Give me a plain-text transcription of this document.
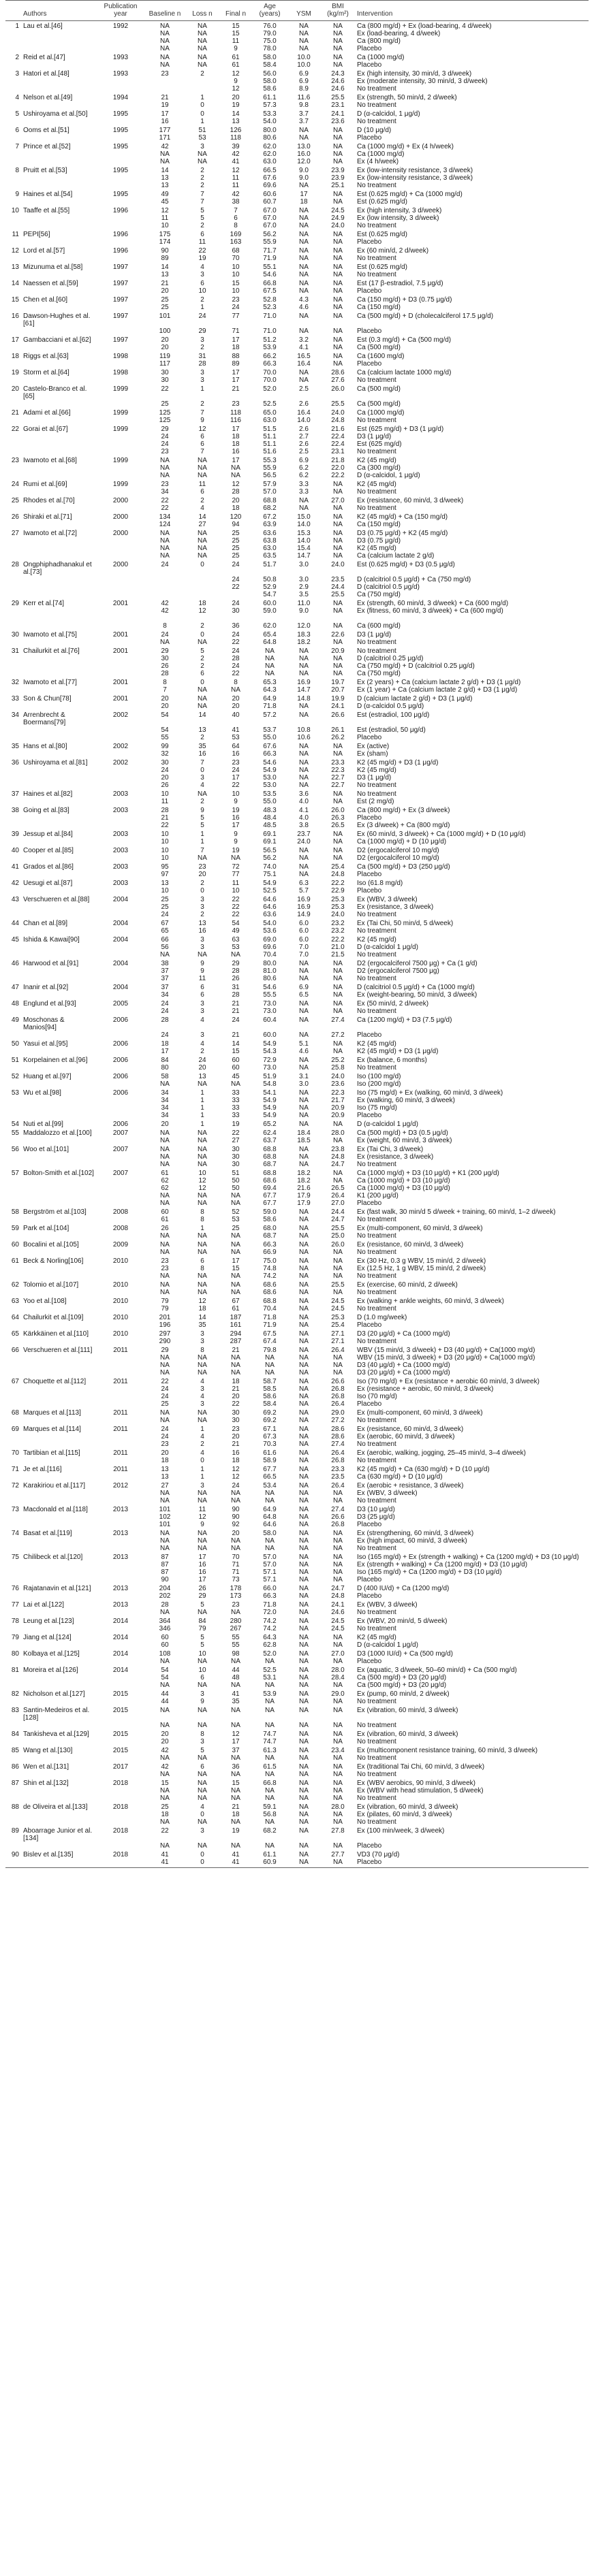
	Authors	Publication year	Baseline n	Loss n	Final n	Age (years)	YSM	BMI (kg/m²)	Intervention
1	Lau et al.[46]	1992	NA	NA	15	76.0	NA	NA	Ca (800 mg/d) + Ex (load-bearing, 4 d/week)
			NA	NA	15	79.0	NA	NA	Ex (load-bearing, 4 d/week)
			NA	NA	11	75.0	NA	NA	Ca (800 mg/d)
			NA	NA	9	78.0	NA	NA	Placebo
2	Reid et al.[47]	1993	NA	NA	61	58.0	10.0	NA	Ca (1000 mg/d)
			NA	NA	61	58.4	10.0	NA	Placebo
3	Hatori et al.[48]	1993	23	2	12	56.0	6.9	24.3	Ex (high intensity, 30 min/d, 3 d/week)
					9	58.0	6.9	24.6	Ex (moderate intensity, 30 min/d, 3 d/week)
					12	58.6	8.9	24.6	No treatment
4	Nelson et al.[49]	1994	21	1	20	61.1	11.6	25.5	Ex (strength, 50 min/d, 2 d/week)
			19	0	19	57.3	9.8	23.1	No treatment
5	Ushiroyama et al.[50]	1995	17	0	14	53.3	3.7	24.1	D (α-calcidol, 1 μg/d)
			16	1	13	54.0	3.7	23.6	No treatment
6	Ooms et al.[51]	1995	177	51	126	80.0	NA	NA	D (10 μg/d)
			171	53	118	80.6	NA	NA	Placebo
7	Prince et al.[52]	1995	42	3	39	62.0	13.0	NA	Ca (1000 mg/d) + Ex (4 h/week)
			NA	NA	42	62.0	16.0	NA	Ca (1000 mg/d)
			NA	NA	41	63.0	12.0	NA	Ex (4 h/week)
8	Pruitt et al.[53]	1995	14	2	12	66.5	9.0	23.9	Ex (low-intensity resistance, 3 d/week)
			13	2	11	67.6	9.0	23.9	Ex (low-intensity resistance, 3 d/week)
			13	2	11	69.6	NA	25.1	No treatment
9	Haines et al.[54]	1995	49	7	42	60.6	17	NA	Est (0.625 mg/d) + Ca (1000 mg/d)
			45	7	38	60.7	18	NA	Est (0.625 mg/d)
10	Taaffe et al.[55]	1996	12	5	7	67.0	NA	24.5	Ex (high intensity, 3 d/week)
			11	5	6	67.0	NA	24.9	Ex (low intensity, 3 d/week)
			10	2	8	67.0	NA	24.0	No treatment
11	PEPI[56]	1996	175	6	169	56.2	NA	NA	Est (0.625 mg/d)
			174	11	163	55.9	NA	NA	Placebo
12	Lord et al.[57]	1996	90	22	68	71.7	NA	NA	Ex (60 min/d, 2 d/week)
			89	19	70	71.9	NA	NA	No treatment
13	Mizunuma et al.[58]	1997	14	4	10	55.1	NA	NA	Est (0.625 mg/d)
			13	3	10	54.6	NA	NA	No treatment
14	Naessen et al.[59]	1997	21	6	15	66.8	NA	NA	Est (17 β-estradiol, 7.5 μg/d)
			20	10	10	67.5	NA	NA	Placebo
15	Chen et al.[60]	1997	25	2	23	52.8	4.3	NA	Ca (150 mg/d) + D3 (0.75 μg/d)
			25	1	24	52.3	4.6	NA	Ca (150 mg/d)
16	Dawson-Hughes et al.[61]	1997	101	24	77	71.0	NA	NA	Ca (500 mg/d) + D (cholecalciferol 17.5 μg/d)
			100	29	71	71.0	NA	NA	Placebo
17	Gambacciani et al.[62]	1997	20	3	17	51.2	3.2	NA	Est (0.3 mg/d) + Ca (500 mg/d)
			20	2	18	53.9	4.1	NA	Ca (500 mg/d)
18	Riggs et al.[63]	1998	119	31	88	66.2	16.5	NA	Ca (1600 mg/d)
			117	28	89	66.3	16.4	NA	Placebo
19	Storm et al.[64]	1998	30	3	17	70.0	NA	28.6	Ca (calcium lactate 1000 mg/d)
			30	3	17	70.0	NA	27.6	No treatment
20	Castelo-Branco et al.[65]	1999	22	1	21	52.0	2.5	26.0	Ca (500 mg/d)
			25	2	23	52.5	2.6	25.5	Ca (500 mg/d)
21	Adami et al.[66]	1999	125	7	118	65.0	16.4	24.0	Ca (1000 mg/d)
			125	9	116	63.0	14.0	24.8	No treatment
22	Gorai et al.[67]	1999	29	12	17	51.5	2.6	21.6	Est (625 mg/d) + D3 (1 μg/d)
			24	6	18	51.1	2.7	22.4	D3 (1 μg/d)
			24	6	18	51.1	2.6	22.4	Est (625 mg/d)
			23	7	16	51.6	2.5	23.1	No treatment
23	Iwamoto et al.[68]	1999	NA	NA	17	55.3	6.9	21.8	K2 (45 mg/d)
			NA	NA	NA	55.9	6.2	22.0	Ca (300 mg/d)
			NA	NA	NA	56.5	6.2	22.2	D (α-calcidol, 1 μg/d)
24	Rumi et al.[69]	1999	23	11	12	57.9	3.3	NA	K2 (45 mg/d)
			34	6	28	57.0	3.3	NA	No treatment
25	Rhodes et al.[70]	2000	22	2	20	68.8	NA	27.0	Ex (resistance, 60 min/d, 3 d/week)
			22	4	18	68.2	NA	NA	No treatment
26	Shiraki et al.[71]	2000	134	14	120	67.2	15.0	NA	K2 (45 mg/d) + Ca (150 mg/d)
			124	27	94	63.9	14.0	NA	Ca (150 mg/d)
27	Iwamoto et al.[72]	2000	NA	NA	25	63.6	15.3	NA	D3 (0.75 μg/d) + K2 (45 mg/d)
			NA	NA	25	63.8	14.0	NA	D3 (0.75 μg/d)
			NA	NA	25	63.0	15.4	NA	K2 (45 mg/d)
			NA	NA	25	63.5	14.7	NA	Ca (calcium lactate 2 g/d)
28	Ongphiphadhanakul et al.[73]	2000	24	0	24	51.7	3.0	24.0	Est (0.625 mg/d) + D3 (0.5 μg/d)
					24	50.8	3.0	23.5	D (calcitriol 0.5 μg/d) + Ca (750 mg/d)
					22	52.9	2.9	24.4	D (calcitriol 0.5 μg/d)
						54.7	3.5	25.5	Ca (750 mg/d)
29	Kerr et al.[74]	2001	42	18	24	60.0	11.0	NA	Ex (strength, 60 min/d, 3 d/week) + Ca (600 mg/d)
			42	12	30	59.0	9.0	NA	Ex (fitness, 60 min/d, 3 d/week) + Ca (600 mg/d)

			8	2	36	62.0	12.0	NA	Ca (600 mg/d)
30	Iwamoto et al.[75]	2001	24	0	24	65.4	18.3	22.6	D3 (1 μg/d)
			NA	NA	22	64.8	18.2	NA	No treatment
31	Chailurkit et al.[76]	2001	29	5	24	NA	NA	20.9	No treatment
			30	2	28	NA	NA	NA	D (calcitriol 0.25 μg/d)
			26	2	24	NA	NA	NA	Ca (750 mg/d) + D (calcitriol 0.25 μg/d)
			28	6	22	NA	NA	NA	Ca (750 mg/d)
32	Iwamoto et al.[77]	2001	8	0	8	65.3	16.9	19.7	Ex (2 years) + Ca (calcium lactate 2 g/d) + D3 (1 μg/d)
			7	NA	NA	64.3	14.7	20.7	Ex (1 year) + Ca (calcium lactate 2 g/d) + D3 (1 μg/d)
33	Son & Chun[78]	2001	20	NA	20	64.9	14.8	19.9	D (calcium lactate 2 g/d) + D3 (1 μg/d)
			20	NA	20	71.8	NA	24.1	D (α-calcidol 0.5 μg/d)
34	Arrenbrecht & Boermans[79]	2002	54	14	40	57.2	NA	26.6	Est (estradiol, 100 μg/d)
			54	13	41	53.7	10.8	26.1	Est (estradiol, 50 μg/d)
			55	2	53	55.0	10.6	26.2	Placebo
35	Hans et al.[80]	2002	99	35	64	67.6	NA	NA	Ex (active)
			32	16	16	66.3	NA	NA	Ex (sham)
36	Ushiroyama et al.[81]	2002	30	7	23	54.6	NA	23.3	K2 (45 mg/d) + D3 (1 μg/d)
			24	0	24	54.9	NA	22.3	K2 (45 mg/d)
			20	3	17	53.0	NA	22.7	D3 (1 μg/d)
			26	4	22	53.0	NA	22.7	No treatment
37	Haines et al.[82]	2003	10	NA	10	53.5	3.6	NA	No treatment
			11	2	9	55.0	4.0	NA	Est (2 mg/d)
38	Going et al.[83]	2003	28	9	19	48.3	4.1	26.0	Ca (800 mg/d) + Ex (3 d/week)
			21	5	16	48.4	4.0	26.3	Placebo
			22	5	17	48.5	3.8	26.5	Ex (3 d/week) + Ca (800 mg/d)
39	Jessup et al.[84]	2003	10	1	9	69.1	23.7	NA	Ex (60 min/d, 3 d/week) + Ca (1000 mg/d) + D (10 μg/d)
			10	1	9	69.1	24.0	NA	Ca (1000 mg/d) + D (10 μg/d)
40	Cooper et al.[85]	2003	10	7	19	56.5	NA	NA	D2 (ergocalciferol 10 mg/d)
			10	NA	NA	56.2	NA	NA	D2 (ergocalciferol 10 mg/d)
41	Grados et al.[86]	2003	95	23	72	74.0	NA	25.4	Ca (500 mg/d) + D3 (250 μg/d)
			97	20	77	75.1	NA	24.8	Placebo
42	Uesugi et al.[87]	2003	13	2	11	54.9	6.3	22.2	Iso (61.8 mg/d)
			10	0	10	52.5	5.7	22.9	Placebo
43	Verschueren et al.[88]	2004	25	3	22	64.6	16.9	25.3	Ex (WBV, 3 d/week)
			25	3	22	64.6	16.9	25.3	Ex (resistance, 3 d/week)
			24	2	22	63.6	14.9	24.0	No treatment
44	Chan et al.[89]	2004	67	13	54	54.0	6.0	23.2	Ex (Tai Chi, 50 min/d, 5 d/week)
			65	16	49	53.6	6.0	23.2	No treatment
45	Ishida & Kawai[90]	2004	66	3	63	69.0	6.0	22.2	K2 (45 mg/d)
			56	3	53	69.6	7.0	21.0	D (α-calcidol 1 μg/d)
			NA	NA	NA	70.4	7.0	21.5	No treatment
46	Harwood et al.[91]	2004	38	9	29	80.0	NA	NA	D2 (ergocalciferol 7500 μg) + Ca (1 g/d)
			37	9	28	81.0	NA	NA	D2 (ergocalciferol 7500 μg)
			37	11	26	80.6	NA	NA	No treatment
47	Inanir et al.[92]	2004	37	6	31	54.6	6.9	NA	D (calcitriol 0.5 μg/d) + Ca (1000 mg/d)
			34	6	28	55.5	6.5	NA	Ex (weight-bearing, 50 min/d, 3 d/week)
48	Englund et al.[93]	2005	24	3	21	73.0	NA	NA	Ex (50 min/d, 2 d/week)
			24	3	21	73.0	NA	NA	No treatment
49	Moschonas & Manios[94]	2006	28	4	24	60.4	NA	27.4	Ca (1200 mg/d) + D3 (7.5 μg/d)
			24	3	21	60.0	NA	27.2	Placebo
50	Yasui et al.[95]	2006	18	4	14	54.9	5.1	NA	K2 (45 mg/d)
			17	2	15	54.3	4.6	NA	K2 (45 mg/d) + D3 (1 μg/d)
51	Korpelainen et al.[96]	2006	84	24	60	72.9	NA	25.2	Ex (balance, 6 months)
			80	20	60	73.0	NA	25.8	No treatment
52	Huang et al.[97]	2006	58	13	45	51.9	3.1	24.0	Iso (100 mg/d)
			NA	NA	NA	54.8	3.0	23.6	Iso (200 mg/d)
53	Wu et al.[98]	2006	34	1	33	54.1	NA	22.3	Iso (75 mg/d) + Ex (walking, 60 min/d, 3 d/week)
			34	1	33	54.9	NA	21.7	Ex (walking, 60 min/d, 3 d/week)
			34	1	33	54.9	NA	20.9	Iso (75 mg/d)
			34	1	33	54.9	NA	20.9	Placebo
54	Nuti et al.[99]	2006	20	1	19	65.2	NA	NA	D (α-calcidol 1 μg/d)
55	Maddalozzo et al.[100]	2007	NA	NA	22	62.4	18.4	28.0	Ca (500 mg/d) + D3 (0.5 μg/d)
			NA	NA	27	63.7	18.5	NA	Ex (weight, 60 min/d, 3 d/week)
56	Woo et al.[101]	2007	NA	NA	30	68.8	NA	23.8	Ex (Tai Chi, 3 d/week)
			NA	NA	30	68.8	NA	24.8	Ex (resistance, 3 d/week)
			NA	NA	30	68.7	NA	24.7	No treatment
57	Bolton-Smith et al.[102]	2007	61	10	51	68.8	18.2	NA	Ca (1000 mg/d) + D3 (10 μg/d) + K1 (200 μg/d)
			62	12	50	68.6	18.2	NA	Ca (1000 mg/d) + D3 (10 μg/d)
			62	12	50	69.4	21.6	26.5	Ca (1000 mg/d) + D3 (10 μg/d)
			NA	NA	NA	67.7	17.9	26.4	K1 (200 μg/d)
			NA	NA	NA	67.7	17.9	27.0	Placebo
58	Bergström et al.[103]	2008	60	8	52	59.0	NA	24.4	Ex (fast walk, 30 min/d 5 d/week + training, 60 min/d, 1–2 d/week)
			61	8	53	58.6	NA	24.7	No treatment
59	Park et al.[104]	2008	26	1	25	68.0	NA	25.5	Ex (multi-component, 60 min/d, 3 d/week)
			NA	NA	NA	68.7	NA	25.0	No treatment
60	Bocalini et al.[105]	2009	NA	NA	NA	66.3	NA	26.0	Ex (resistance, 60 min/d, 3 d/week)
			NA	NA	NA	66.9	NA	NA	No treatment
61	Beck & Norling[106]	2010	23	6	17	75.0	NA	NA	Ex (30 Hz, 0.3 g WBV, 15 min/d, 2 d/week)
			23	8	15	74.8	NA	NA	Ex (12.5 Hz, 1 g WBV, 15 min/d, 2 d/week)
			NA	NA	NA	74.2	NA	NA	No treatment
62	Tolomio et al.[107]	2010	NA	NA	NA	68.6	NA	25.5	Ex (exercise, 60 min/d, 2 d/week)
			NA	NA	NA	68.6	NA	NA	No treatment
63	Yoo et al.[108]	2010	79	12	67	68.8	NA	24.5	Ex (walking + ankle weights, 60 min/d, 3 d/week)
			79	18	61	70.4	NA	24.5	No treatment
64	Chailurkit et al.[109]	2010	201	14	187	71.8	NA	25.3	D (1.0 mg/week)
			196	35	161	71.9	NA	25.4	Placebo
65	Kärkkäinen et al.[110]	2010	297	3	294	67.5	NA	27.1	D3 (20 μg/d) + Ca (1000 mg/d)
			290	3	287	67.4	NA	27.1	No treatment
66	Verschueren et al.[111]	2011	29	8	21	79.8	NA	26.4	WBV (15 min/d, 3 d/week) + D3 (40 μg/d) + Ca(1000 mg/d)
			NA	NA	NA	NA	NA	NA	WBV (15 min/d, 3 d/week) + D3 (20 μg/d) + Ca(1000 mg/d)
			NA	NA	NA	NA	NA	NA	D3 (40 μg/d) + Ca (1000 mg/d)
			NA	NA	NA	NA	NA	NA	D3 (20 μg/d) + Ca (1000 mg/d)
67	Choquette et al.[112]	2011	22	4	18	58.7	NA	26.6	Iso (70 mg/d) + Ex (resistance + aerobic 60 min/d, 3 d/week)
			24	3	21	58.5	NA	26.8	Ex (resistance + aerobic, 60 min/d, 3 d/week)
			24	4	20	58.6	NA	26.8	Iso (70 mg/d)
			25	3	22	58.4	NA	26.4	Placebo
68	Marques et al.[113]	2011	NA	NA	30	69.2	NA	29.0	Ex (multi-component, 60 min/d, 3 d/week)
			NA	NA	30	69.2	NA	27.2	No treatment
69	Marques et al.[114]	2011	24	1	23	67.1	NA	28.6	Ex (resistance, 60 min/d, 3 d/week)
			24	4	20	67.3	NA	28.6	Ex (aerobic, 60 min/d, 3 d/week)
			23	2	21	70.3	NA	27.4	No treatment
70	Tartibian et al.[115]	2011	20	4	16	61.6	NA	26.4	Ex (aerobic, walking, jogging, 25–45 min/d, 3–4 d/week)
			18	0	18	58.9	NA	26.8	No treatment
71	Je et al.[116]	2011	13	1	12	67.7	NA	23.3	K2 (45 mg/d) + Ca (630 mg/d) + D (10 μg/d)
			13	1	12	66.5	NA	23.5	Ca (630 mg/d) + D (10 μg/d)
72	Karakiriou et al.[117]	2012	27	3	24	53.4	NA	26.4	Ex (aerobic + resistance, 3 d/week)
			NA	NA	NA	NA	NA	NA	Ex (WBV, 3 d/week)
			NA	NA	NA	NA	NA	NA	No treatment
73	Macdonald et al.[118]	2013	101	11	90	64.9	NA	27.4	D3 (10 μg/d)
			102	12	90	64.8	NA	26.6	D3 (25 μg/d)
			101	9	92	64.6	NA	26.8	Placebo
74	Basat et al.[119]	2013	NA	NA	20	58.0	NA	NA	Ex (strengthening, 60 min/d, 3 d/week)
			NA	NA	NA	NA	NA	NA	Ex (high impact, 60 min/d, 3 d/week)
			NA	NA	NA	NA	NA	NA	No treatment
75	Chilibeck et al.[120]	2013	87	17	70	57.0	NA	NA	Iso (165 mg/d) + Ex (strength + walking) + Ca (1200 mg/d) + D3 (10 μg/d)
			87	16	71	57.0	NA	NA	Ex (strength + walking) + Ca (1200 mg/d) + D3 (10 μg/d)
			87	16	71	57.1	NA	NA	Iso (165 mg/d) + Ca (1200 mg/d) + D3 (10 μg/d)
			90	17	73	57.1	NA	NA	Placebo
76	Rajatanavin et al.[121]	2013	204	26	178	66.0	NA	24.7	D (400 IU/d) + Ca (1200 mg/d)
			202	29	173	66.3	NA	24.8	Placebo
77	Lai et al.[122]	2013	28	5	23	71.8	NA	24.1	Ex (WBV, 3 d/week)
			NA	NA	NA	72.0	NA	24.6	No treatment
78	Leung et al.[123]	2014	364	84	280	74.2	NA	24.5	Ex (WBV, 20 min/d, 5 d/week)
			346	79	267	74.2	NA	24.5	No treatment
79	Jiang et al.[124]	2014	60	5	55	64.3	NA	NA	K2 (45 mg/d)
			60	5	55	62.8	NA	NA	D (α-calcidol 1 μg/d)
80	Kolbaya et al.[125]	2014	108	10	98	52.0	NA	27.0	D3 (1000 IU/d) + Ca (500 mg/d)
			NA	NA	NA	NA	NA	NA	Placebo
81	Moreira et al.[126]	2014	54	10	44	52.5	NA	28.0	Ex (aquatic, 3 d/week, 50–60 min/d) + Ca (500 mg/d)
			54	6	48	53.1	NA	28.4	Ca (500 mg/d) + D3 (20 μg/d)
			NA	NA	NA	NA	NA	NA	Ca (500 mg/d) + D3 (20 μg/d)
82	Nicholson et al.[127]	2015	44	3	41	53.9	NA	29.0	Ex (pump, 60 min/d, 2 d/week)
			44	9	35	NA	NA	NA	No treatment
83	Santin-Medeiros et al.[128]	2015	NA	NA	NA	NA	NA	NA	Ex (vibration, 60 min/d, 3 d/week)
			NA	NA	NA	NA	NA	NA	No treatment
84	Tankisheva et al.[129]	2015	20	8	12	74.7	NA	NA	Ex (vibration, 60 min/d, 3 d/week)
			20	3	17	74.7	NA	NA	No treatment
85	Wang et al.[130]	2015	42	5	37	61.3	NA	23.4	Ex (multicomponent resistance training, 60 min/d, 3 d/week)
			NA	NA	NA	NA	NA	NA	No treatment
86	Wen et al.[131]	2017	42	6	36	61.5	NA	NA	Ex (traditional Tai Chi, 60 min/d, 3 d/week)
			NA	NA	NA	NA	NA	NA	No treatment
87	Shin et al.[132]	2018	15	NA	15	66.8	NA	NA	Ex (WBV aerobics, 90 min/d, 3 d/week)
			NA	NA	NA	NA	NA	NA	Ex (WBV with head stimulation, 5 d/week)
			NA	NA	NA	NA	NA	NA	No treatment
88	de Oliveira et al.[133]	2018	25	4	21	59.1	NA	28.0	Ex (vibration, 60 min/d, 3 d/week)
			18	0	18	56.8	NA	NA	Ex (pilates, 60 min/d, 3 d/week)
			NA	NA	NA	NA	NA	NA	No treatment
89	Aboarrage Junior et al.[134]	2018	22	3	19	68.2	NA	27.8	Ex (100 min/week, 3 d/week)
			NA	NA	NA	NA	NA	NA	Placebo
90	Bislev et al.[135]	2018	41	0	41	61.1	NA	27.7	VD3 (70 μg/d)
			41	0	41	60.9	NA	NA	Placebo
